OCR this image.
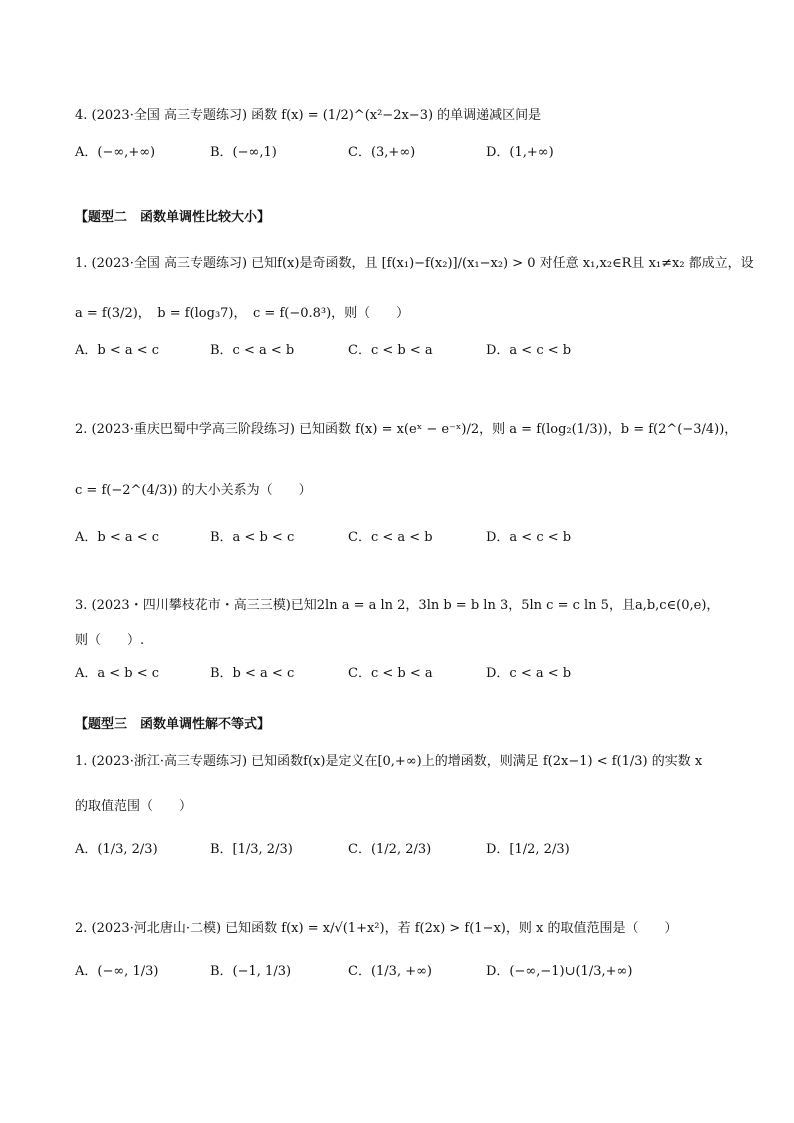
4. (2023·全国 高三专题练习) 函数 f(x) = (1/2)^(x²−2x−3) 的单调递减区间是
A．(−∞,+∞)	B．(−∞,1)	C．(3,+∞)	D．(1,+∞)
【题型二　函数单调性比较大小】
1. (2023·全国 高三专题练习) 已知f(x)是奇函数，且 [f(x₁)−f(x₂)]/(x₁−x₂) > 0 对任意 x₁,x₂∈R且 x₁≠x₂ 都成立，设
a = f(3/2)，　b = f(log₃7)，　c = f(−0.8³)，则（　　）
A．b < a < c	B．c < a < b	C．c < b < a	D．a < c < b
2. (2023·重庆巴蜀中学高三阶段练习) 已知函数 f(x) = x(eˣ − e⁻ˣ)/2，则 a = f(log₂(1/3))，b = f(2^(−3/4))，
c = f(−2^(4/3)) 的大小关系为（　　）
A．b < a < c	B．a < b < c	C．c < a < b	D．a < c < b
3. (2023・四川攀枝花市・高三三模)已知2ln a = a ln 2，3ln b = b ln 3，5ln c = c ln 5，且a,b,c∈(0,e)，
则（　　）.
A．a < b < c	B．b < a < c	C．c < b < a	D．c < a < b
【题型三　函数单调性解不等式】
1. (2023·浙江·高三专题练习) 已知函数f(x)是定义在[0,+∞)上的增函数，则满足 f(2x−1) < f(1/3) 的实数 x
的取值范围（　　）
A．(1/3, 2/3)	B．[1/3, 2/3)	C．(1/2, 2/3)	D．[1/2, 2/3)
2. (2023·河北唐山·二模) 已知函数 f(x) = x/√(1+x²)，若 f(2x) > f(1−x)，则 x 的取值范围是（　　）
A．(−∞, 1/3)	B．(−1, 1/3)	C．(1/3, +∞)	D．(−∞,−1)∪(1/3,+∞)
